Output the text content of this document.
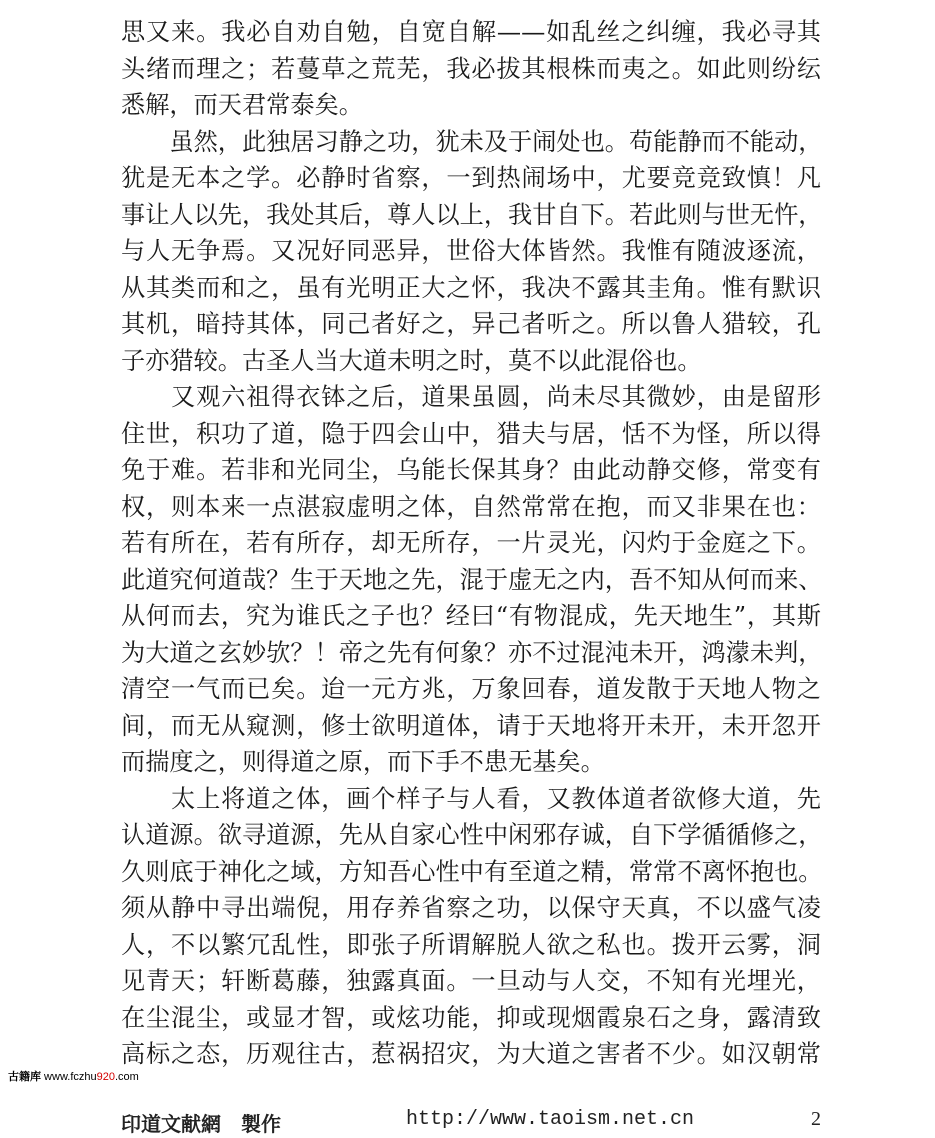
思又来。我必自劝自勉，自宽自解——如乱丝之纠缠，我必寻其
头绪而理之；若蔓草之荒芜，我必拔其根株而夷之。如此则纷纭
悉解，而天君常泰矣。
　　虽然，此独居习静之功，犹未及于闹处也。苟能静而不能动，
犹是无本之学。必静时省察，一到热闹场中，尤要竞竞致慎！凡
事让人以先，我处其后，尊人以上，我甘自下。若此则与世无忤，
与人无争焉。又况好同恶异，世俗大体皆然。我惟有随波逐流，
从其类而和之，虽有光明正大之怀，我决不露其圭角。惟有默识
其机，暗持其体，同己者好之，异己者听之。所以鲁人猎较，孔
子亦猎较。古圣人当大道未明之时，莫不以此混俗也。
　　又观六祖得衣钵之后，道果虽圆，尚未尽其微妙，由是留形
住世，积功了道，隐于四会山中，猎夫与居，恬不为怪，所以得
免于难。若非和光同尘，乌能长保其身？由此动静交修，常变有
权，则本来一点湛寂虚明之体，自然常常在抱，而又非果在也：
若有所在，若有所存，却无所存，一片灵光，闪灼于金庭之下。
此道究何道哉？生于天地之先，混于虚无之内，吾不知从何而来、
从何而去，究为谁氏之子也？经曰“有物混成，先天地生”，其斯
为大道之玄妙欤？！帝之先有何象？亦不过混沌未开，鸿濛未判，
清空一气而已矣。迨一元方兆，万象回春，道发散于天地人物之
间，而无从窥测，修士欲明道体，请于天地将开未开，未开忽开
而揣度之，则得道之原，而下手不患无基矣。
　　太上将道之体，画个样子与人看，又教体道者欲修大道，先
认道源。欲寻道源，先从自家心性中闲邪存诚，自下学循循修之，
久则底于神化之域，方知吾心性中有至道之精，常常不离怀抱也。
须从静中寻出端倪，用存养省察之功，以保守天真，不以盛气凌
人，不以繁冗乱性，即张子所谓解脱人欲之私也。拨开云雾，洞
见青天；轩断葛藤，独露真面。一旦动与人交，不知有光埋光，
在尘混尘，或显才智，或炫功能，抑或现烟霞泉石之身，露清致
高标之态，历观往古，惹祸招灾，为大道之害者不少。如汉朝常
古籍库 www.fczhu920.com
印道文献網　製作	http://www.taoism.net.cn	2
